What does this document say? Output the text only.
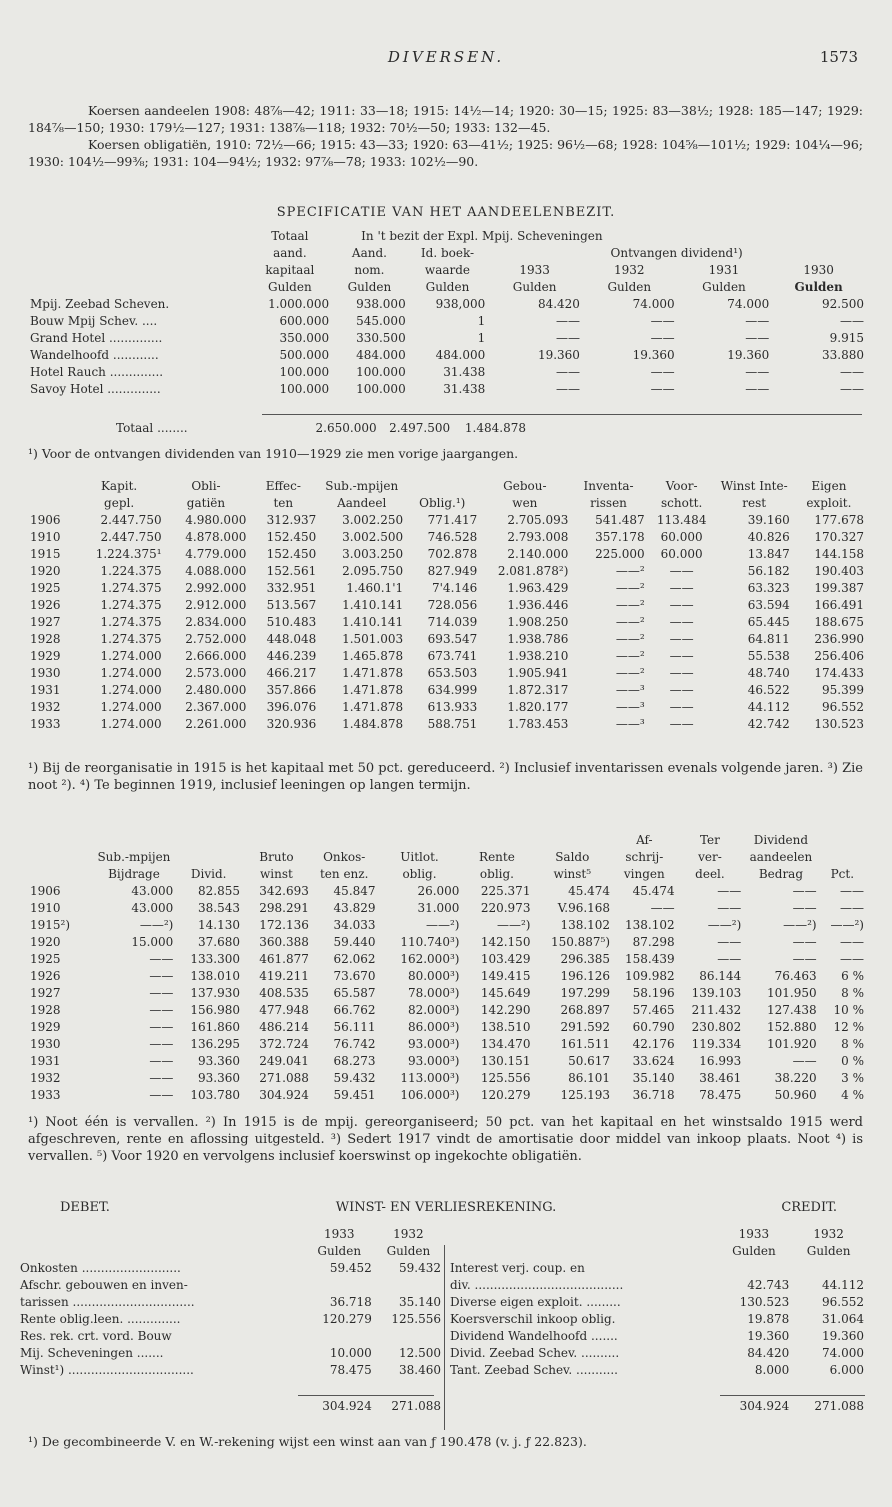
DIVERSEN.	1573

Koersen aandeelen 1908: 48⅞—42; 1911: 33—18; 1915: 14½—14; 1920: 30—15; 1925: 83—38½; 1928: 185—147; 1929: 184⅞—150; 1930: 179½—127; 1931: 138⅞—118; 1932: 70½—50; 1933: 132—45.

Koersen obligatiën, 1910: 72½—66; 1915: 43—33; 1920: 63—41½; 1925: 96½—68; 1928: 104⅝—101½; 1929: 104¼—96; 1930: 104½—99⅜; 1931: 104—94½; 1932: 97⅞—78; 1933: 102½—90.

SPECIFICATIE VAN HET AANDEELENBEZIT.
	Totaal	In 't bezit der Expl. Mpij. Scheveningen					
	aand.	Aand.	Id. boek-	Ontvangen dividend¹)			
	kapitaal	nom.	waarde	1933	1932	1931	1930
	Gulden	Gulden	Gulden	Gulden	Gulden	Gulden	Gulden
Mpij. Zeebad Scheven.	1.000.000	938.000	938,000	84.420	74.000	74.000	92.500
Bouw Mpij Schev. ....	600.000	545.000	1	——	——	——	——
Grand Hotel ..............	350.000	330.500	1	——	——	——	9.915
Wandelhoofd ............	500.000	484.000	484.000	19.360	19.360	19.360	33.880
Hotel Rauch ..............	100.000	100.000	31.438	——	——	——	——
Savoy Hotel ..............	100.000	100.000	31.438	——	——	——	——
Totaal ........	2.650.000	2.497.500	1.484.878
¹) Voor de ontvangen dividenden van 1910—1929 zie men vorige jaargangen.
	Kapit.	Obli-	Effec-	Sub.-mpijen		Gebou-	Inventa-	Voor-	Winst Inte-	Eigen
	gepl.	gatiën	ten	Aandeel	Oblig.¹)	wen	rissen	schott.	rest	exploit.
1906	2.447.750	4.980.000	312.937	3.002.250	771.417	2.705.093	541.487	113.484	39.160	177.678
1910	2.447.750	4.878.000	152.450	3.002.500	746.528	2.793.008	357.178	60.000	40.826	170.327
1915	1.224.375¹	4.779.000	152.450	3.003.250	702.878	2.140.000	225.000	60.000	13.847	144.158
1920	1.224.375	4.088.000	152.561	2.095.750	827.949	2.081.878²)	——²	——	56.182	190.403
1925	1.274.375	2.992.000	332.951	1.460.1'1	7'4.146	1.963.429	——²	——	63.323	199.387
1926	1.274.375	2.912.000	513.567	1.410.141	728.056	1.936.446	——²	——	63.594	166.491
1927	1.274.375	2.834.000	510.483	1.410.141	714.039	1.908.250	——²	——	65.445	188.675
1928	1.274.375	2.752.000	448.048	1.501.003	693.547	1.938.786	——²	——	64.811	236.990
1929	1.274.000	2.666.000	446.239	1.465.878	673.741	1.938.210	——²	——	55.538	256.406
1930	1.274.000	2.573.000	466.217	1.471.878	653.503	1.905.941	——²	——	48.740	174.433
1931	1.274.000	2.480.000	357.866	1.471.878	634.999	1.872.317	——³	——	46.522	95.399
1932	1.274.000	2.367.000	396.076	1.471.878	613.933	1.820.177	——³	——	44.112	96.552
1933	1.274.000	2.261.000	320.936	1.484.878	588.751	1.783.453	——³	——	42.742	130.523
¹) Bij de reorganisatie in 1915 is het kapitaal met 50 pct. gereduceerd. ²) Inclusief inventarissen evenals volgende jaren. ³) Zie noot ²). ⁴) Te beginnen 1919, inclusief leeningen op langen termijn.
								Af-	Ter	Dividend	
	Sub.-mpijen		Bruto	Onkos-	Uitlot.	Rente	Saldo	schrij-	ver-	aandeelen	
	Bijdrage	Divid.	winst	ten enz.	oblig.	oblig.	winst⁵	vingen	deel.	Bedrag	Pct.
1906	43.000	82.855	342.693	45.847	26.000	225.371	45.474	45.474	——	——	——
1910	43.000	38.543	298.291	43.829	31.000	220.973	V.96.168	——	——	——	——
1915²)	——²)	14.130	172.136	34.033	——²)	——²)	138.102	138.102	——²)	——²)	——²)
1920	15.000	37.680	360.388	59.440	110.740³)	142.150	150.887⁵)	87.298	——	——	——
1925	——	133.300	461.877	62.062	162.000³)	103.429	296.385	158.439	——	——	——
1926	——	138.010	419.211	73.670	80.000³)	149.415	196.126	109.982	86.144	76.463	6 %
1927	——	137.930	408.535	65.587	78.000³)	145.649	197.299	58.196	139.103	101.950	8 %
1928	——	156.980	477.948	66.762	82.000³)	142.290	268.897	57.465	211.432	127.438	10 %
1929	——	161.860	486.214	56.111	86.000³)	138.510	291.592	60.790	230.802	152.880	12 %
1930	——	136.295	372.724	76.742	93.000³)	134.470	161.511	42.176	119.334	101.920	8 %
1931	——	93.360	249.041	68.273	93.000³)	130.151	50.617	33.624	16.993	——	0 %
1932	——	93.360	271.088	59.432	113.000³)	125.556	86.101	35.140	38.461	38.220	3 %
1933	——	103.780	304.924	59.451	106.000³)	120.279	125.193	36.718	78.475	50.960	4 %
¹) Noot één is vervallen. ²) In 1915 is de mpij. gereorganiseerd; 50 pct. van het kapitaal en het winstsaldo 1915 werd afgeschreven, rente en aflossing uitgesteld. ³) Sedert 1917 vindt de amortisatie door middel van inkoop plaats. Noot ⁴) is vervallen. ⁵) Voor 1920 en vervolgens inclusief koerswinst op ingekochte obligatiën.
DEBET.	WINST- EN VERLIESREKENING.	CREDIT.
	1933	1932
	Gulden	Gulden
Onkosten ..........................	59.452	59.432
Afschr. gebouwen en inven-		
tarissen ................................	36.718	35.140
Rente oblig.leen. ..............	120.279	125.556
Res. rek. crt. vord. Bouw		
Mij. Scheveningen .......	10.000	12.500
Winst¹) .................................	78.475	38.460
	1933	1932
	Gulden	Gulden
Interest verj. coup. en		
div. .......................................	42.743	44.112
Diverse eigen exploit. .........	130.523	96.552
Koersverschil inkoop oblig.	19.878	31.064
Dividend Wandelhoofd .......	19.360	19.360
Divid. Zeebad Schev. ..........	84.420	74.000
Tant. Zeebad Schev. ...........	8.000	6.000
	304.924	271.088
		304.924	271.088
¹) De gecombineerde V. en W.-rekening wijst een winst aan van ƒ 190.478 (v. j. ƒ 22.823).
